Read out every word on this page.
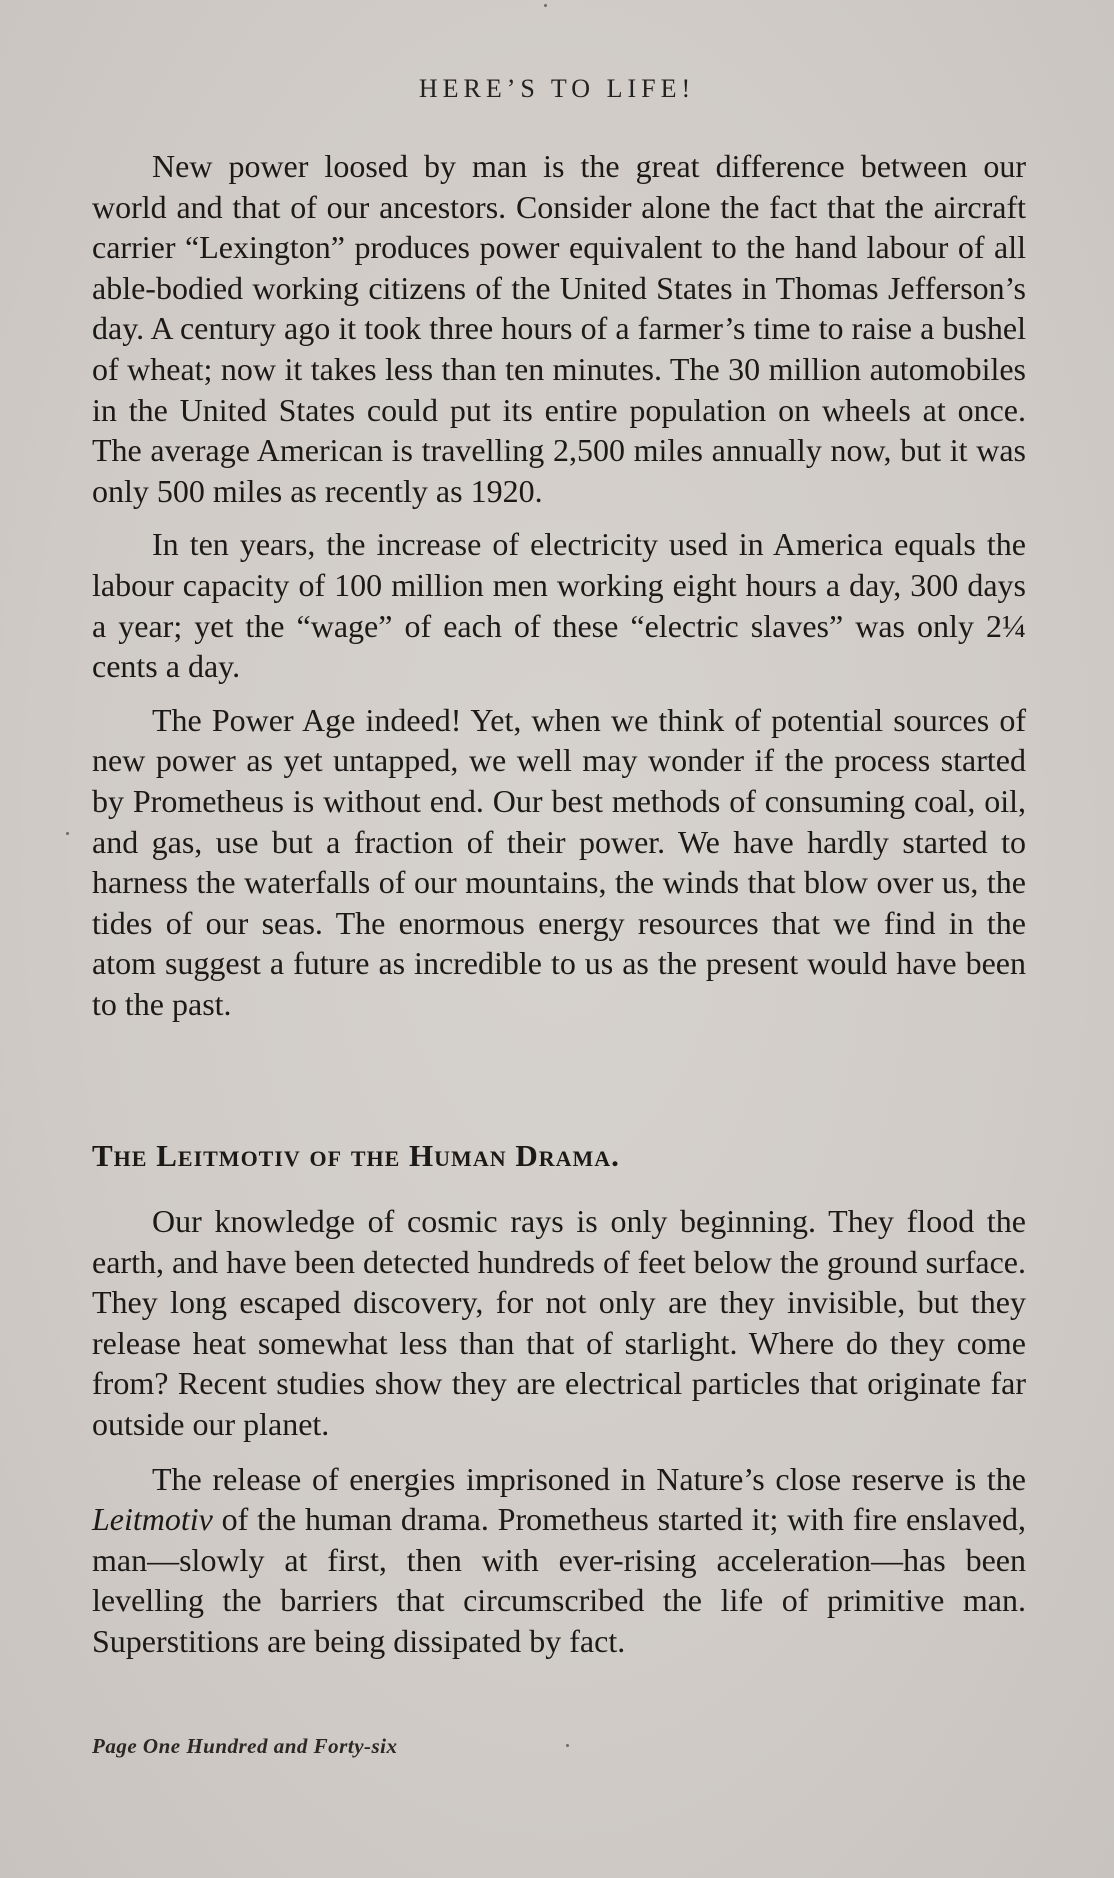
HERE’S TO LIFE!

New power loosed by man is the great difference between our world and that of our ancestors. Consider alone the fact that the aircraft carrier “Lexington” produces power equivalent to the hand labour of all able-bodied working citizens of the United States in Thomas Jefferson’s day. A century ago it took three hours of a farmer’s time to raise a bushel of wheat; now it takes less than ten minutes. The 30 million automobiles in the United States could put its entire population on wheels at once. The average American is travelling 2,500 miles annually now, but it was only 500 miles as recently as 1920.

In ten years, the increase of electricity used in America equals the labour capacity of 100 million men working eight hours a day, 300 days a year; yet the “wage” of each of these “electric slaves” was only 2¼ cents a day.

The Power Age indeed! Yet, when we think of potential sources of new power as yet untapped, we well may wonder if the process started by Prometheus is without end. Our best methods of consuming coal, oil, and gas, use but a fraction of their power. We have hardly started to harness the waterfalls of our mountains, the winds that blow over us, the tides of our seas. The enormous energy resources that we find in the atom suggest a future as incredible to us as the present would have been to the past.

The Leitmotiv of the Human Drama.

Our knowledge of cosmic rays is only beginning. They flood the earth, and have been detected hundreds of feet below the ground surface. They long escaped discovery, for not only are they invisible, but they release heat somewhat less than that of starlight. Where do they come from? Recent studies show they are electrical particles that originate far outside our planet.

The release of energies imprisoned in Nature’s close reserve is the Leitmotiv of the human drama. Prometheus started it; with fire enslaved, man—slowly at first, then with ever-rising acceleration—has been levelling the barriers that circumscribed the life of primitive man. Superstitions are being dissipated by fact.

Page One Hundred and Forty-six
